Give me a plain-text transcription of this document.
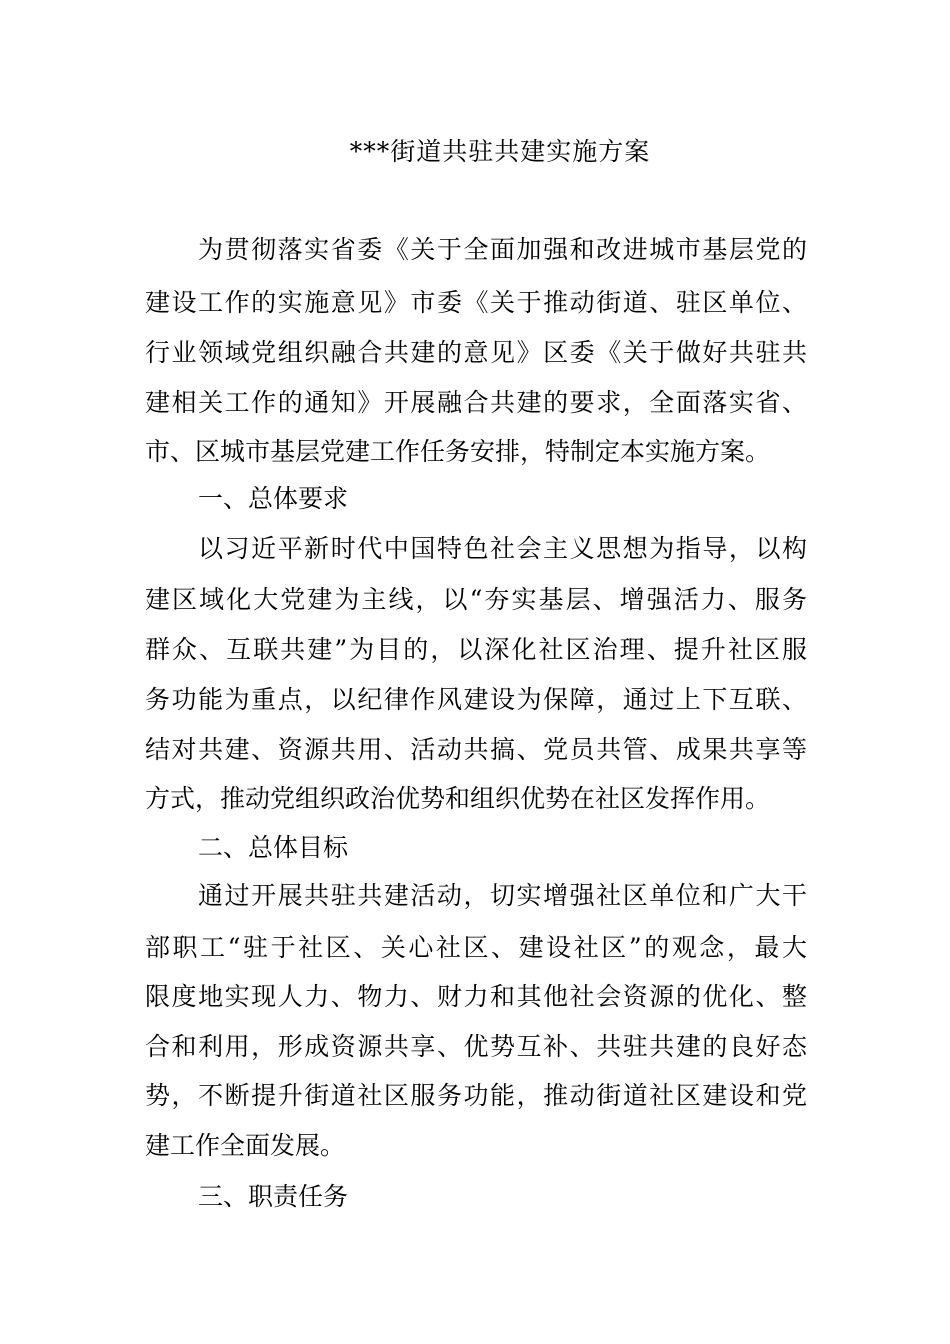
***街道共驻共建实施方案
为贯彻落实省委《关于全面加强和改进城市基层党的
建设工作的实施意见》市委《关于推动街道、驻区单位、
行业领域党组织融合共建的意见》区委《关于做好共驻共
建相关工作的通知》开展融合共建的要求，全面落实省、
市、区城市基层党建工作任务安排，特制定本实施方案。
一、总体要求
以习近平新时代中国特色社会主义思想为指导，以构
建区域化大党建为主线，以“夯实基层、增强活力、服务
群众、互联共建”为目的，以深化社区治理、提升社区服
务功能为重点，以纪律作风建设为保障，通过上下互联、
结对共建、资源共用、活动共搞、党员共管、成果共享等
方式，推动党组织政治优势和组织优势在社区发挥作用。
二、总体目标
通过开展共驻共建活动，切实增强社区单位和广大干
部职工“驻于社区、关心社区、建设社区”的观念，最大
限度地实现人力、物力、财力和其他社会资源的优化、整
合和利用，形成资源共享、优势互补、共驻共建的良好态
势，不断提升街道社区服务功能，推动街道社区建设和党
建工作全面发展。
三、职责任务
